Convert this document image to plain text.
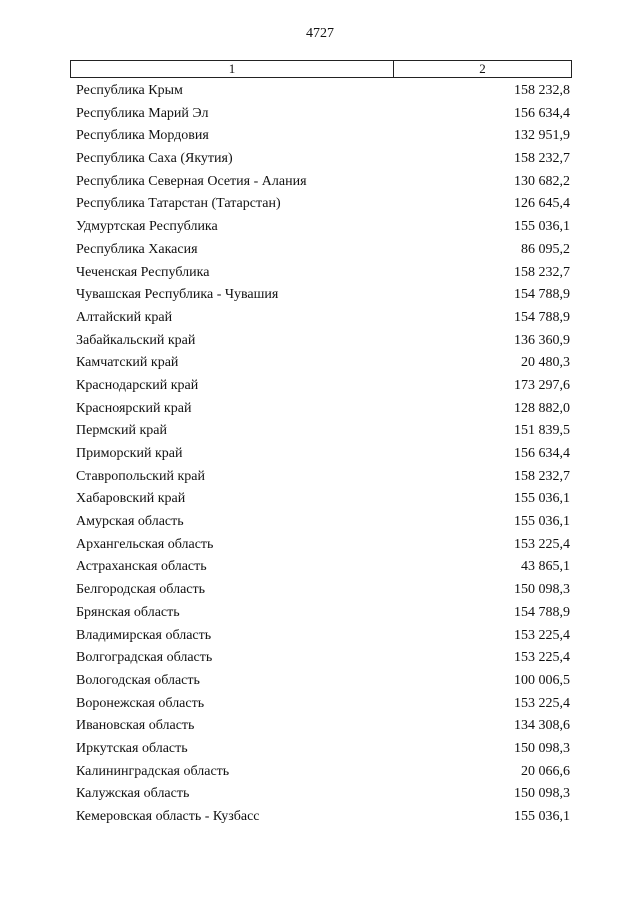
4727
1	2
Республика Крым	158 232,8
Республика Марий Эл	156 634,4
Республика Мордовия	132 951,9
Республика Саха (Якутия)	158 232,7
Республика Северная Осетия - Алания	130 682,2
Республика Татарстан (Татарстан)	126 645,4
Удмуртская Республика	155 036,1
Республика Хакасия	86 095,2
Чеченская Республика	158 232,7
Чувашская Республика - Чувашия	154 788,9
Алтайский край	154 788,9
Забайкальский край	136 360,9
Камчатский край	20 480,3
Краснодарский край	173 297,6
Красноярский край	128 882,0
Пермский край	151 839,5
Приморский край	156 634,4
Ставропольский край	158 232,7
Хабаровский край	155 036,1
Амурская область	155 036,1
Архангельская область	153 225,4
Астраханская область	43 865,1
Белгородская область	150 098,3
Брянская область	154 788,9
Владимирская область	153 225,4
Волгоградская область	153 225,4
Вологодская область	100 006,5
Воронежская область	153 225,4
Ивановская область	134 308,6
Иркутская область	150 098,3
Калининградская область	20 066,6
Калужская область	150 098,3
Кемеровская область - Кузбасс	155 036,1
